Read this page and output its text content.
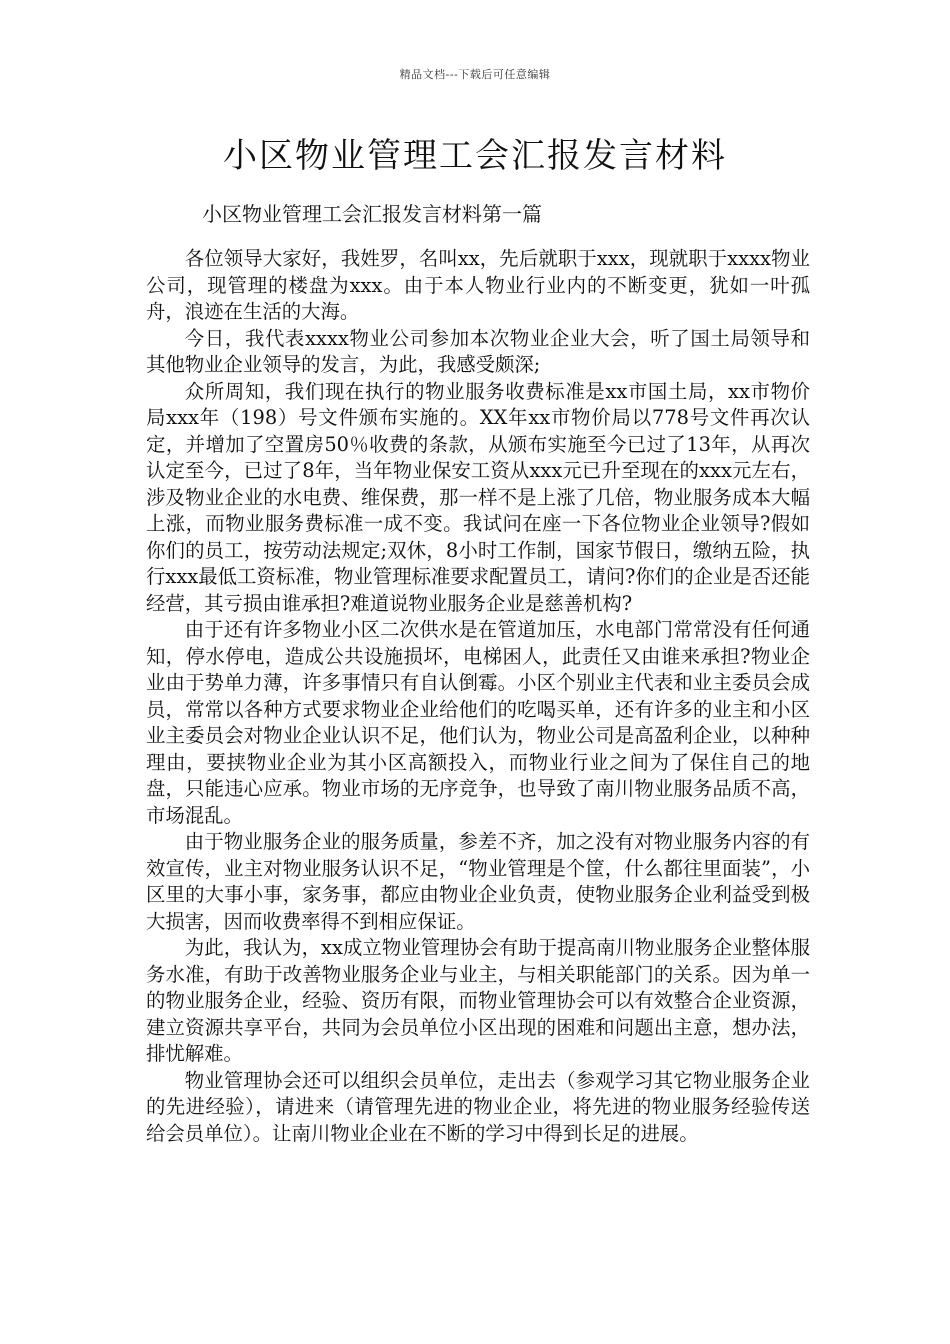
精品文档---下载后可任意编辑
小区物业管理工会汇报发言材料
小区物业管理工会汇报发言材料第一篇

各位领导大家好，我姓罗，名叫xx，先后就职于xxx，现就职于xxxx物业公司，现管理的楼盘为xxx。由于本人物业行业内的不断变更，犹如一叶孤舟，浪迹在生活的大海。

今日，我代表xxxx物业公司参加本次物业企业大会，听了国土局领导和其他物业企业领导的发言，为此，我感受颇深;

众所周知，我们现在执行的物业服务收费标准是xx市国土局，xx市物价局xxx年（198）号文件颁布实施的。XX年xx市物价局以778号文件再次认定，并增加了空置房50％收费的条款，从颁布实施至今已过了13年，从再次认定至今，已过了8年，当年物业保安工资从xxx元已升至现在的xxx元左右，涉及物业企业的水电费、维保费，那一样不是上涨了几倍，物业服务成本大幅上涨，而物业服务费标准一成不变。我试问在座一下各位物业企业领导?假如你们的员工，按劳动法规定;双休，8小时工作制，国家节假日，缴纳五险，执行xxx最低工资标准，物业管理标准要求配置员工，请问?你们的企业是否还能经营，其亏损由谁承担?难道说物业服务企业是慈善机构?

由于还有许多物业小区二次供水是在管道加压，水电部门常常没有任何通知，停水停电，造成公共设施损坏，电梯困人，此责任又由谁来承担?物业企业由于势单力薄，许多事情只有自认倒霉。小区个别业主代表和业主委员会成员，常常以各种方式要求物业企业给他们的吃喝买单，还有许多的业主和小区业主委员会对物业企业认识不足，他们认为，物业公司是高盈利企业，以种种理由，要挟物业企业为其小区高额投入，而物业行业之间为了保住自己的地盘，只能违心应承。物业市场的无序竞争，也导致了南川物业服务品质不高，市场混乱。

由于物业服务企业的服务质量，参差不齐，加之没有对物业服务内容的有效宣传，业主对物业服务认识不足，“物业管理是个筐，什么都往里面装”，小区里的大事小事，家务事，都应由物业企业负责，使物业服务企业利益受到极大损害，因而收费率得不到相应保证。

为此，我认为，xx成立物业管理协会有助于提高南川物业服务企业整体服务水准，有助于改善物业服务企业与业主，与相关职能部门的关系。因为单一的物业服务企业，经验、资历有限，而物业管理协会可以有效整合企业资源，建立资源共享平台，共同为会员单位小区出现的困难和问题出主意，想办法，排忧解难。

物业管理协会还可以组织会员单位，走出去（参观学习其它物业服务企业的先进经验），请进来（请管理先进的物业企业，将先进的物业服务经验传送给会员单位）。让南川物业企业在不断的学习中得到长足的进展。
